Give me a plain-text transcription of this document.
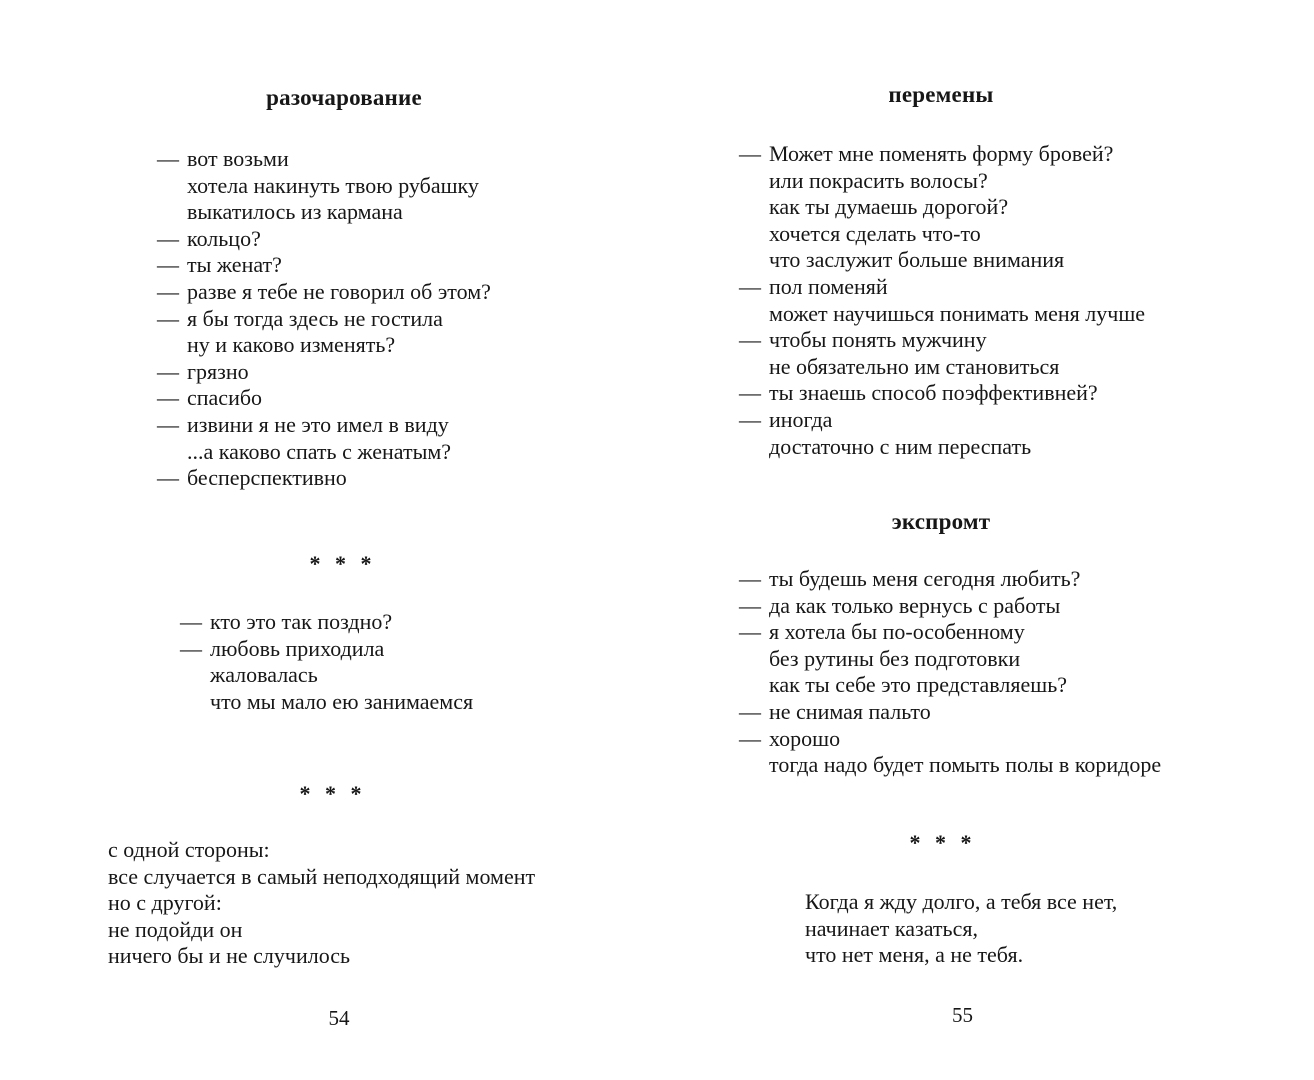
разочарование
— вот возьми
хотела накинуть твою рубашку
выкатилось из кармана
— кольцо?
— ты женат?
— разве я тебе не говорил об этом?
— я бы тогда здесь не гостила
ну и каково изменять?
— грязно
— спасибо
— извини я не это имел в виду
...а каково спать с женатым?
— бесперспективно
* * *
— кто это так поздно?
— любовь приходила
жаловалась
что мы мало ею занимаемся
* * *
с одной стороны:
все случается в самый неподходящий момент
но с другой:
не подойди он
ничего бы и не случилось
54
перемены
— Может мне поменять форму бровей?
или покрасить волосы?
как ты думаешь дорогой?
хочется сделать что-то
что заслужит больше внимания
— пол поменяй
может научишься понимать меня лучше
— чтобы понять мужчину
не обязательно им становиться
— ты знаешь способ поэффективней?
— иногда
достаточно с ним переспать
экспромт
— ты будешь меня сегодня любить?
— да как только вернусь с работы
— я хотела бы по-особенному
без рутины без подготовки
как ты себе это представляешь?
— не снимая пальто
— хорошо
тогда надо будет помыть полы в коридоре
* * *
Когда я жду долго, а тебя все нет,
начинает казаться,
что нет меня, а не тебя.
55
